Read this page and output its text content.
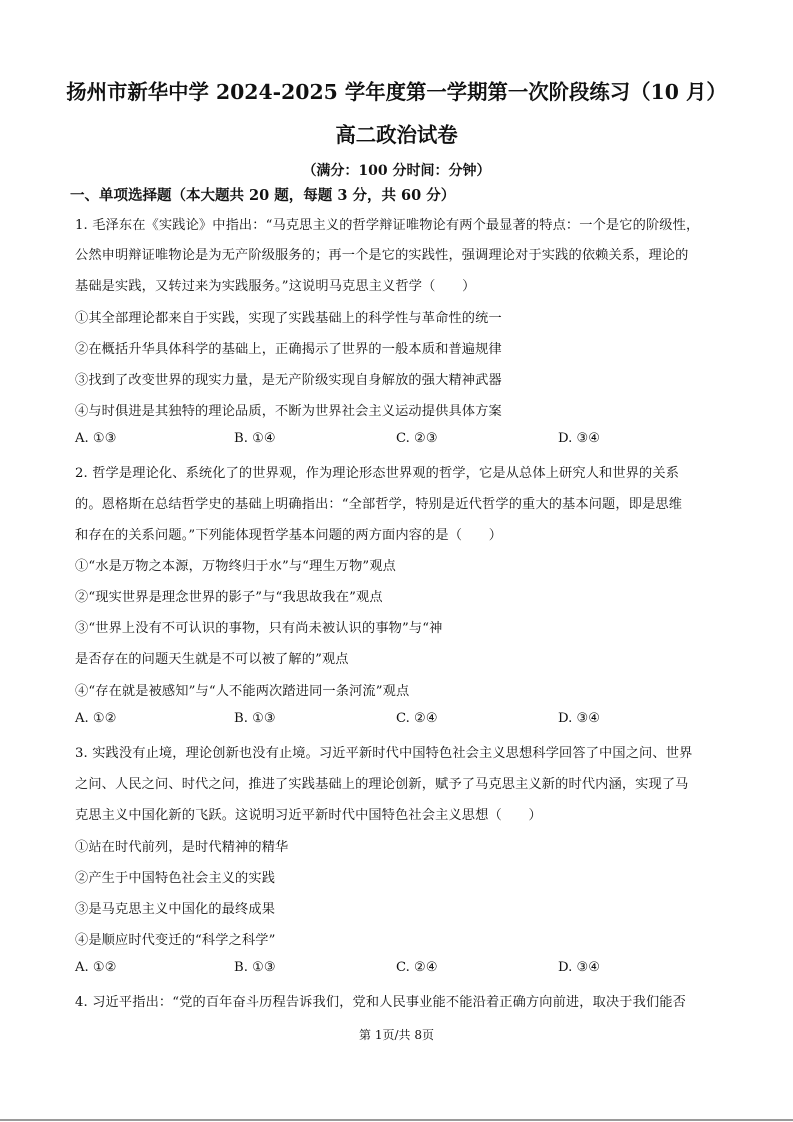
扬州市新华中学 2024-2025 学年度第一学期第一次阶段练习（10 月）
高二政治试卷
（满分：100 分时间：分钟）
一、单项选择题（本大题共 20 题，每题 3 分，共 60 分）
1. 毛泽东在《实践论》中指出：“马克思主义的哲学辩证唯物论有两个最显著的特点：一个是它的阶级性，
公然申明辩证唯物论是为无产阶级服务的；再一个是它的实践性，强调理论对于实践的依赖关系，理论的
基础是实践，又转过来为实践服务。”这说明马克思主义哲学（　　）
①其全部理论都来自于实践，实现了实践基础上的科学性与革命性的统一
②在概括升华具体科学的基础上，正确揭示了世界的一般本质和普遍规律
③找到了改变世界的现实力量，是无产阶级实现自身解放的强大精神武器
④与时俱进是其独特的理论品质，不断为世界社会主义运动提供具体方案
A. ①③	B. ①④	C. ②③	D. ③④
2. 哲学是理论化、系统化了的世界观，作为理论形态世界观的哲学，它是从总体上研究人和世界的关系
的。恩格斯在总结哲学史的基础上明确指出：“全部哲学，特别是近代哲学的重大的基本问题，即是思维
和存在的关系问题。”下列能体现哲学基本问题的两方面内容的是（　　）
①“水是万物之本源，万物终归于水”与“理生万物”观点
②“现实世界是理念世界的影子”与“我思故我在”观点
③“世界上没有不可认识的事物，只有尚未被认识的事物”与“神
是否存在的问题天生就是不可以被了解的”观点
④“存在就是被感知”与“人不能两次踏进同一条河流”观点
A. ①②	B. ①③	C. ②④	D. ③④
3. 实践没有止境，理论创新也没有止境。习近平新时代中国特色社会主义思想科学回答了中国之问、世界
之问、人民之问、时代之问，推进了实践基础上的理论创新，赋予了马克思主义新的时代内涵，实现了马
克思主义中国化新的飞跃。这说明习近平新时代中国特色社会主义思想（　　）
①站在时代前列，是时代精神的精华
②产生于中国特色社会主义的实践
③是马克思主义中国化的最终成果
④是顺应时代变迁的“科学之科学”
A. ①②	B. ①③	C. ②④	D. ③④
4. 习近平指出：“党的百年奋斗历程告诉我们，党和人民事业能不能沿着正确方向前进，取决于我们能否
第 1页/共 8页
